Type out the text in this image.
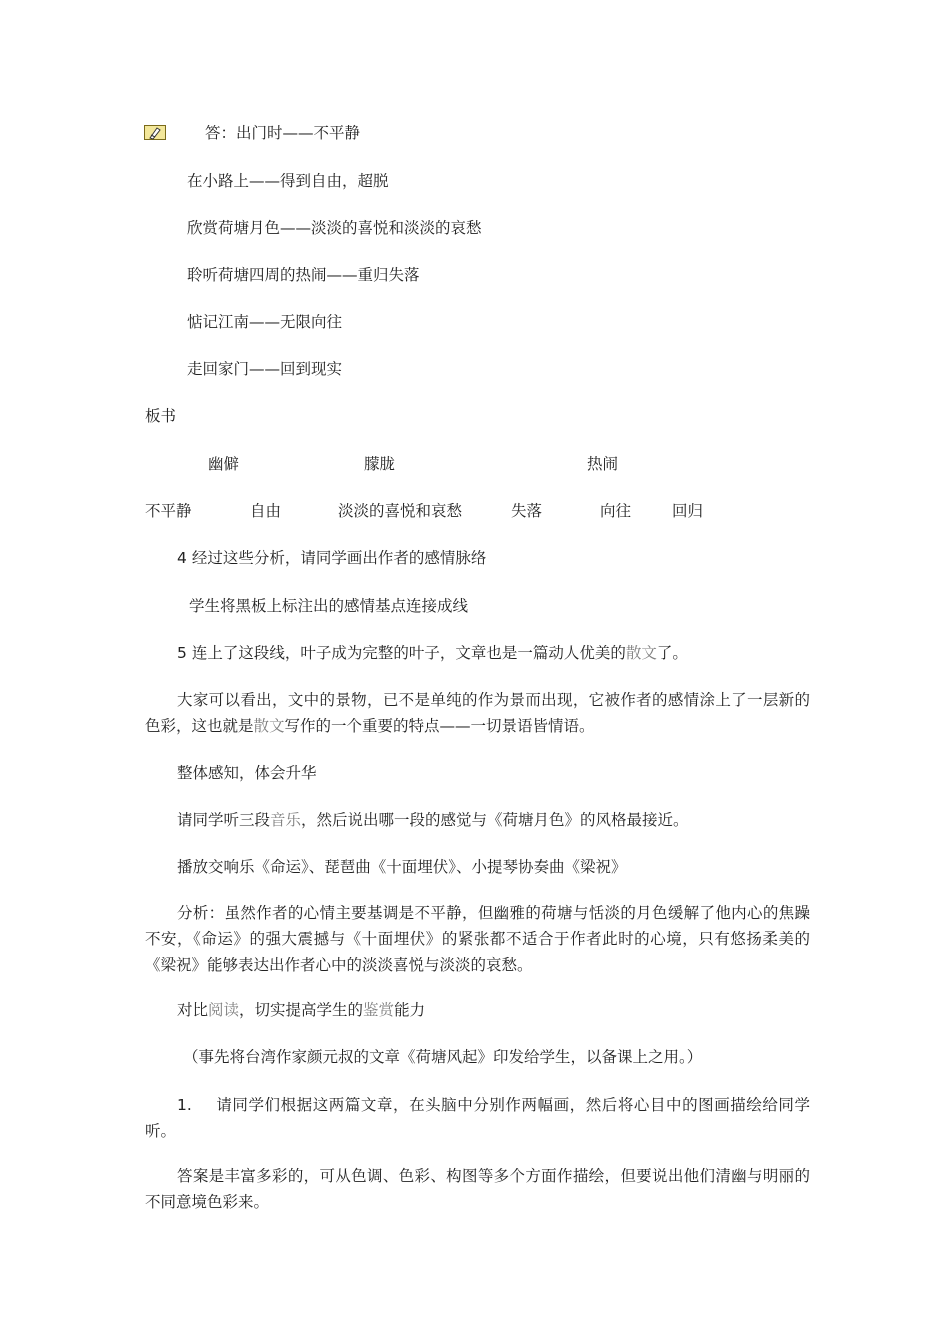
答：出门时——不平静
在小路上——得到自由，超脱
欣赏荷塘月色——淡淡的喜悦和淡淡的哀愁
聆听荷塘四周的热闹——重归失落
惦记江南——无限向往
走回家门——回到现实
板书
幽僻	朦胧	热闹
不平静	自由	淡淡的喜悦和哀愁	失落	向往	回归
4 经过这些分析，请同学画出作者的感情脉络
学生将黑板上标注出的感情基点连接成线
5 连上了这段线，叶子成为完整的叶子，文章也是一篇动人优美的散文了。
大家可以看出，文中的景物，已不是单纯的作为景而出现，它被作者的感情涂上了一层新的色彩，这也就是散文写作的一个重要的特点——一切景语皆情语。
整体感知，体会升华
请同学听三段音乐，然后说出哪一段的感觉与《荷塘月色》的风格最接近。
播放交响乐《命运》、琵琶曲《十面埋伏》、小提琴协奏曲《梁祝》
分析：虽然作者的心情主要基调是不平静，但幽雅的荷塘与恬淡的月色缓解了他内心的焦躁不安，《命运》的强大震撼与《十面埋伏》的紧张都不适合于作者此时的心境，只有悠扬柔美的《梁祝》能够表达出作者心中的淡淡喜悦与淡淡的哀愁。
对比阅读，切实提高学生的鉴赏能力
（事先将台湾作家颜元叔的文章《荷塘风起》印发给学生，以备课上之用。）
1. 请同学们根据这两篇文章，在头脑中分别作两幅画，然后将心目中的图画描绘给同学听。
答案是丰富多彩的，可从色调、色彩、构图等多个方面作描绘，但要说出他们清幽与明丽的不同意境色彩来。
